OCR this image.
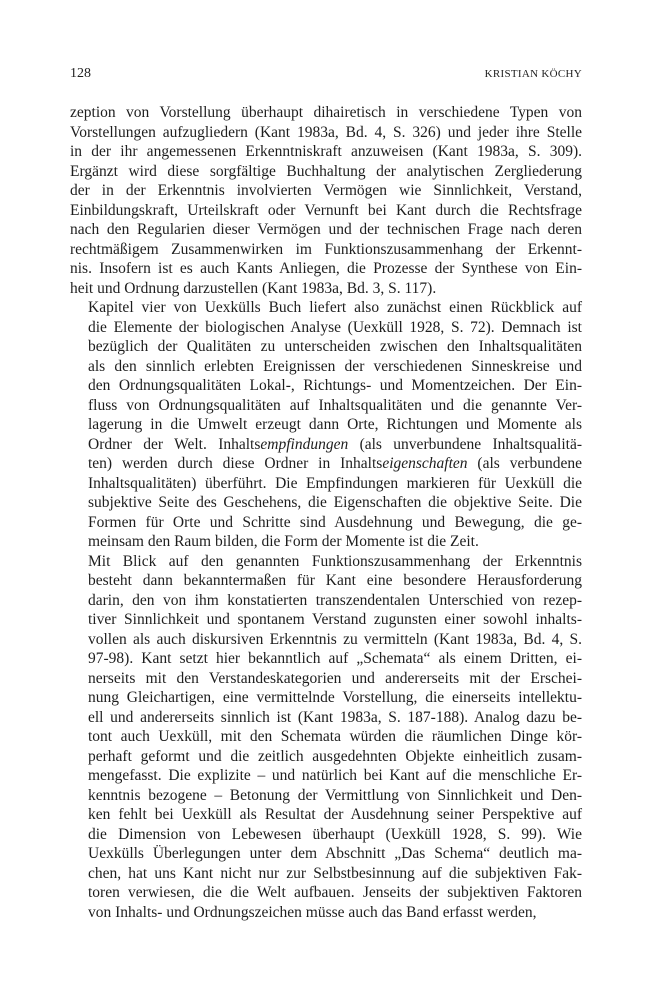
128	KRISTIAN KÖCHY

zeption von Vorstellung überhaupt dihairetisch in verschiedene Typen von
Vorstellungen aufzugliedern (Kant 1983a, Bd. 4, S. 326) und jeder ihre Stelle
in der ihr angemessenen Erkenntniskraft anzuweisen (Kant 1983a, S. 309).
Ergänzt wird diese sorgfältige Buchhaltung der analytischen Zergliederung
der in der Erkenntnis involvierten Vermögen wie Sinnlichkeit, Verstand,
Einbildungskraft, Urteilskraft oder Vernunft bei Kant durch die Rechtsfrage
nach den Regularien dieser Vermögen und der technischen Frage nach deren
rechtmäßigem Zusammenwirken im Funktionszusammenhang der Erkennt-
nis. Insofern ist es auch Kants Anliegen, die Prozesse der Synthese von Ein-
heit und Ordnung darzustellen (Kant 1983a, Bd. 3, S. 117).

Kapitel vier von Uexkülls Buch liefert also zunächst einen Rückblick auf
die Elemente der biologischen Analyse (Uexküll 1928, S. 72). Demnach ist
bezüglich der Qualitäten zu unterscheiden zwischen den Inhaltsqualitäten
als den sinnlich erlebten Ereignissen der verschiedenen Sinneskreise und
den Ordnungsqualitäten Lokal-, Richtungs- und Momentzeichen. Der Ein-
fluss von Ordnungsqualitäten auf Inhaltsqualitäten und die genannte Ver-
lagerung in die Umwelt erzeugt dann Orte, Richtungen und Momente als
Ordner der Welt. Inhaltsempfindungen (als unverbundene Inhaltsqualitä-
ten) werden durch diese Ordner in Inhaltseigenschaften (als verbundene
Inhaltsqualitäten) überführt. Die Empfindungen markieren für Uexküll die
subjektive Seite des Geschehens, die Eigenschaften die objektive Seite. Die
Formen für Orte und Schritte sind Ausdehnung und Bewegung, die ge-
meinsam den Raum bilden, die Form der Momente ist die Zeit.

Mit Blick auf den genannten Funktionszusammenhang der Erkenntnis
besteht dann bekanntermaßen für Kant eine besondere Herausforderung
darin, den von ihm konstatierten transzendentalen Unterschied von rezep-
tiver Sinnlichkeit und spontanem Verstand zugunsten einer sowohl inhalts-
vollen als auch diskursiven Erkenntnis zu vermitteln (Kant 1983a, Bd. 4, S.
97-98). Kant setzt hier bekanntlich auf „Schemata“ als einem Dritten, ei-
nerseits mit den Verstandeskategorien und andererseits mit der Erschei-
nung Gleichartigen, eine vermittelnde Vorstellung, die einerseits intellektu-
ell und andererseits sinnlich ist (Kant 1983a, S. 187-188). Analog dazu be-
tont auch Uexküll, mit den Schemata würden die räumlichen Dinge kör-
perhaft geformt und die zeitlich ausgedehnten Objekte einheitlich zusam-
mengefasst. Die explizite – und natürlich bei Kant auf die menschliche Er-
kenntnis bezogene – Betonung der Vermittlung von Sinnlichkeit und Den-
ken fehlt bei Uexküll als Resultat der Ausdehnung seiner Perspektive auf
die Dimension von Lebewesen überhaupt (Uexküll 1928, S. 99). Wie
Uexkülls Überlegungen unter dem Abschnitt „Das Schema“ deutlich ma-
chen, hat uns Kant nicht nur zur Selbstbesinnung auf die subjektiven Fak-
toren verwiesen, die die Welt aufbauen. Jenseits der subjektiven Faktoren
von Inhalts- und Ordnungszeichen müsse auch das Band erfasst werden,
